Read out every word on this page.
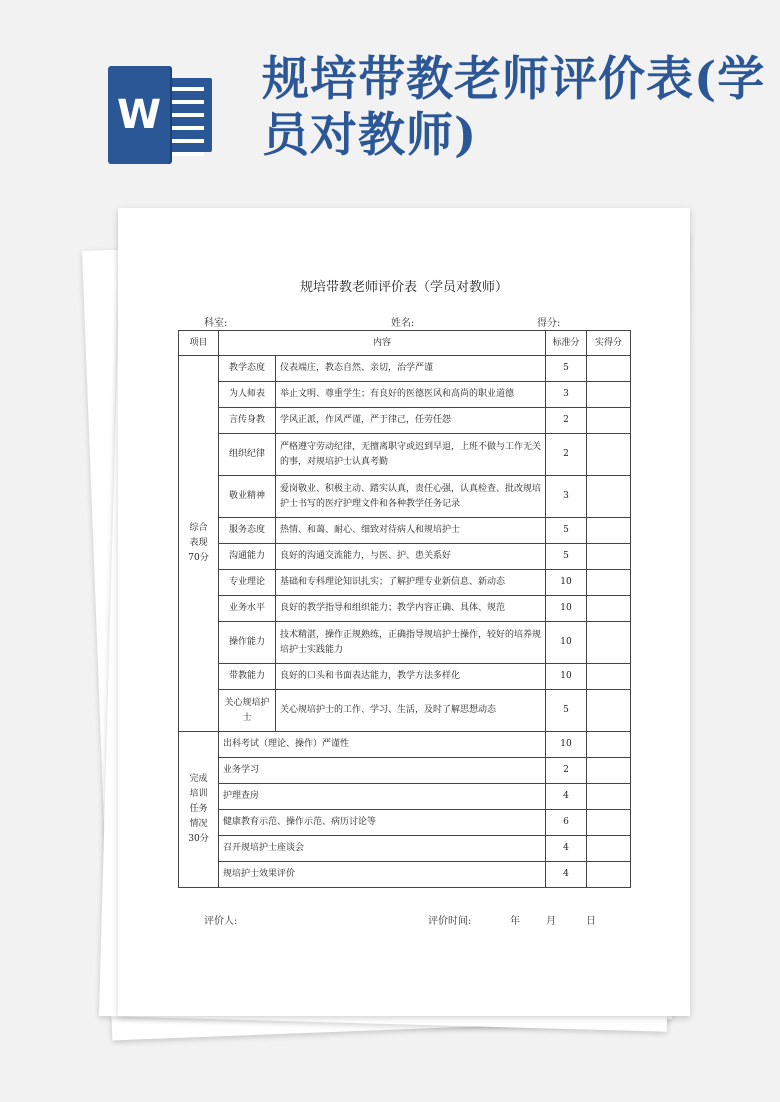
W
规培带教老师评价表(学员对教师)
规培带教老师评价表（学员对教师）
科室:	姓名:	得分:
项目	内容		标准分	实得分

综合
表现
70分	教学态度	仪表端庄，教态自然、亲切，治学严谨	5	
	为人师表	举止文明、尊重学生；有良好的医德医风和高尚的职业道德	3	
	言传身教	学风正派，作风严谨，严于律己，任劳任怨	2	
	组织纪律	严格遵守劳动纪律，无擅离职守或迟到早退，上班不做与工作无关的事，对规培护士认真考勤	2	
	敬业精神	爱岗敬业、积极主动、踏实认真，责任心强，认真检查、批改规培护士书写的医疗护理文件和各种教学任务记录	3	
	服务态度	热情、和蔼、耐心、细致对待病人和规培护士	5	
	沟通能力	良好的沟通交流能力，与医、护、患关系好	5	
	专业理论	基础和专科理论知识扎实；了解护理专业新信息、新动态	10	
	业务水平	良好的教学指导和组织能力；教学内容正确、具体、规范	10	
	操作能力	技术精湛，操作正规熟练，正确指导规培护士操作，较好的培养规培护士实践能力	10	
	带教能力	良好的口头和书面表达能力，教学方法多样化	10	
	关心规培护士	关心规培护士的工作、学习、生活，及时了解思想动态	5	

完成
培训
任务
情况
30分	出科考试（理论、操作）严谨性		10	
	业务学习		2	
	护理查房		4	
	健康教育示范、操作示范、病历讨论等		6	
	召开规培护士座谈会		4	
	规培护士效果评价		4	
评价人:	评价时间:	年	月	日
